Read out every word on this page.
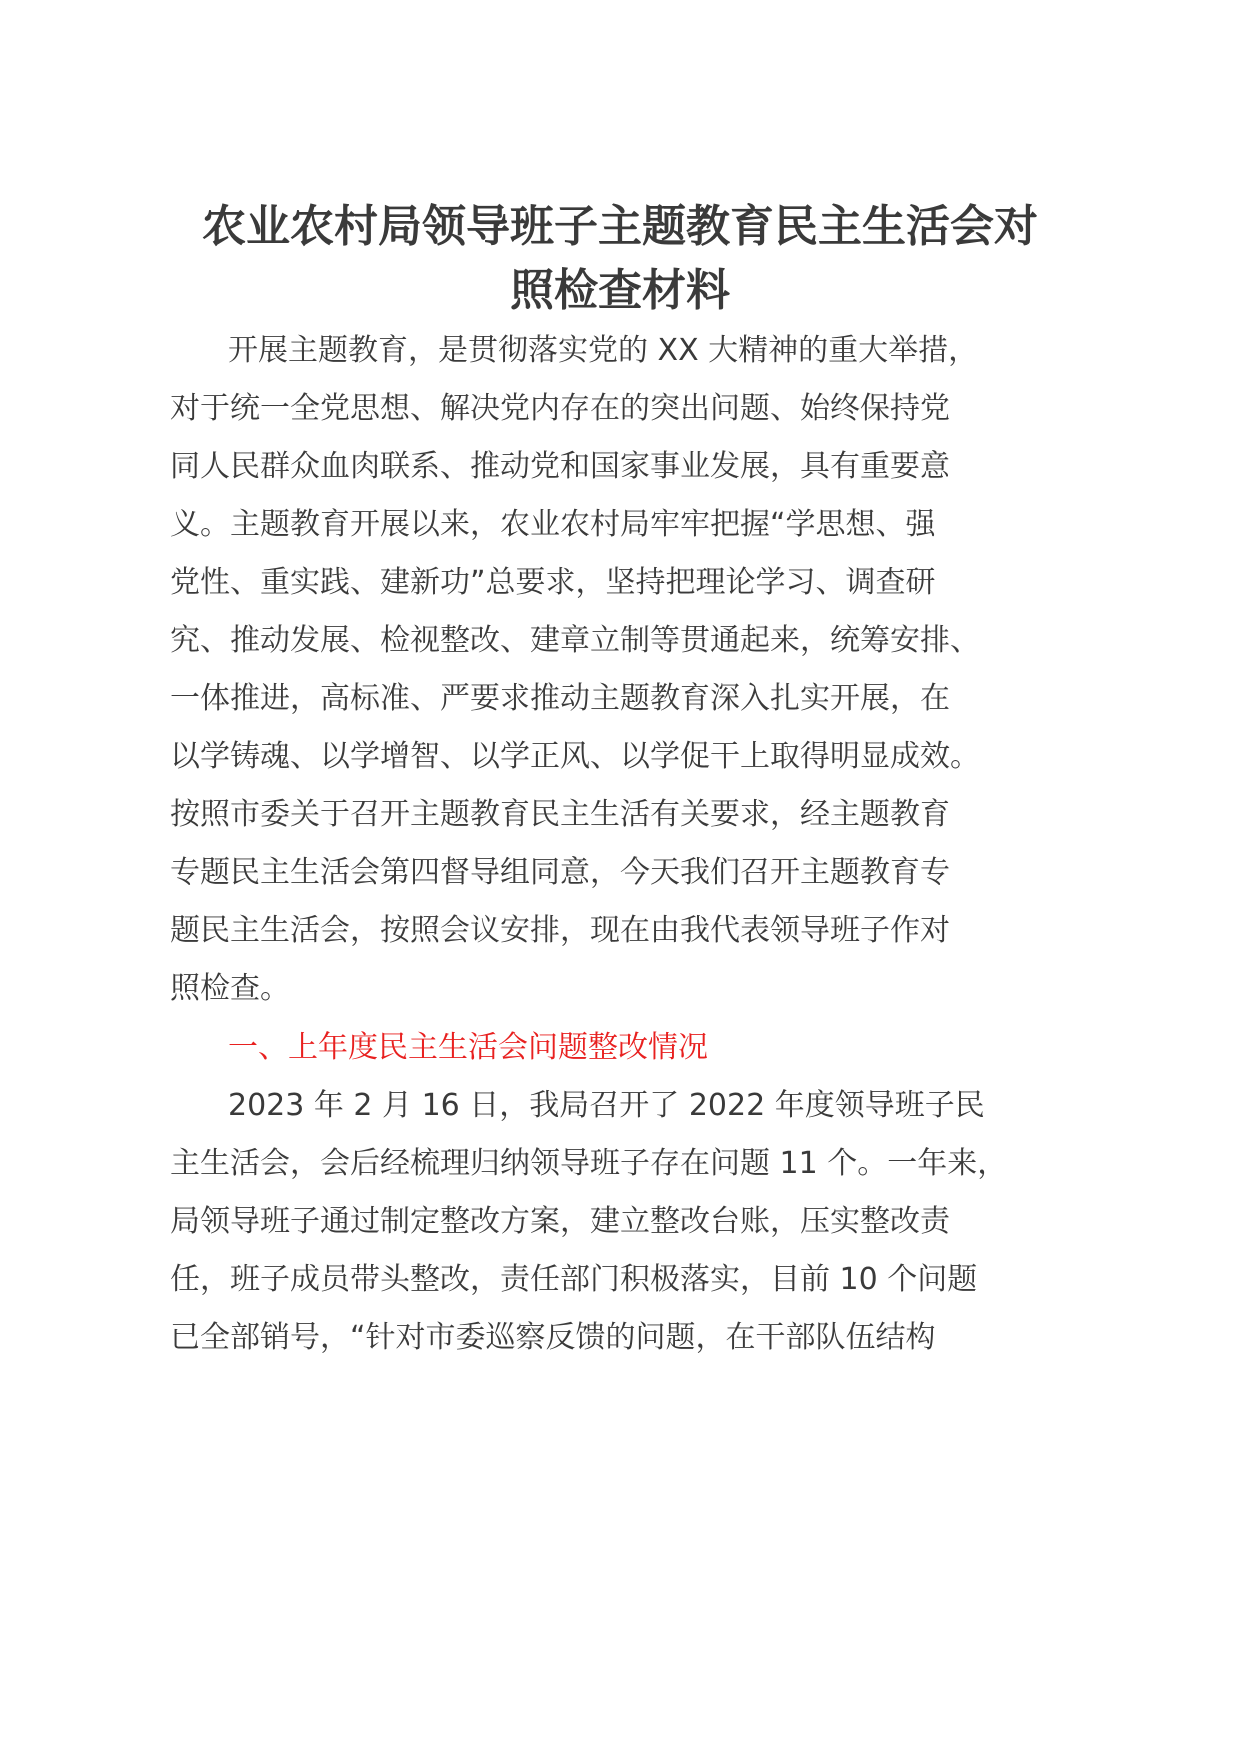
农业农村局领导班子主题教育民主生活会对
照检查材料
开展主题教育，是贯彻落实党的 XX 大精神的重大举措，
对于统一全党思想、解决党内存在的突出问题、始终保持党
同人民群众血肉联系、推动党和国家事业发展，具有重要意
义。主题教育开展以来，农业农村局牢牢把握“学思想、强
党性、重实践、建新功”总要求，坚持把理论学习、调查研
究、推动发展、检视整改、建章立制等贯通起来，统筹安排、
一体推进，高标准、严要求推动主题教育深入扎实开展，在
以学铸魂、以学增智、以学正风、以学促干上取得明显成效。
按照市委关于召开主题教育民主生活有关要求，经主题教育
专题民主生活会第四督导组同意，今天我们召开主题教育专
题民主生活会，按照会议安排，现在由我代表领导班子作对
照检查。
一、上年度民主生活会问题整改情况
2023 年 2 月 16 日，我局召开了 2022 年度领导班子民
主生活会，会后经梳理归纳领导班子存在问题 11 个。一年来，
局领导班子通过制定整改方案，建立整改台账，压实整改责
任，班子成员带头整改，责任部门积极落实，目前 10 个问题
已全部销号，“针对市委巡察反馈的问题，在干部队伍结构
